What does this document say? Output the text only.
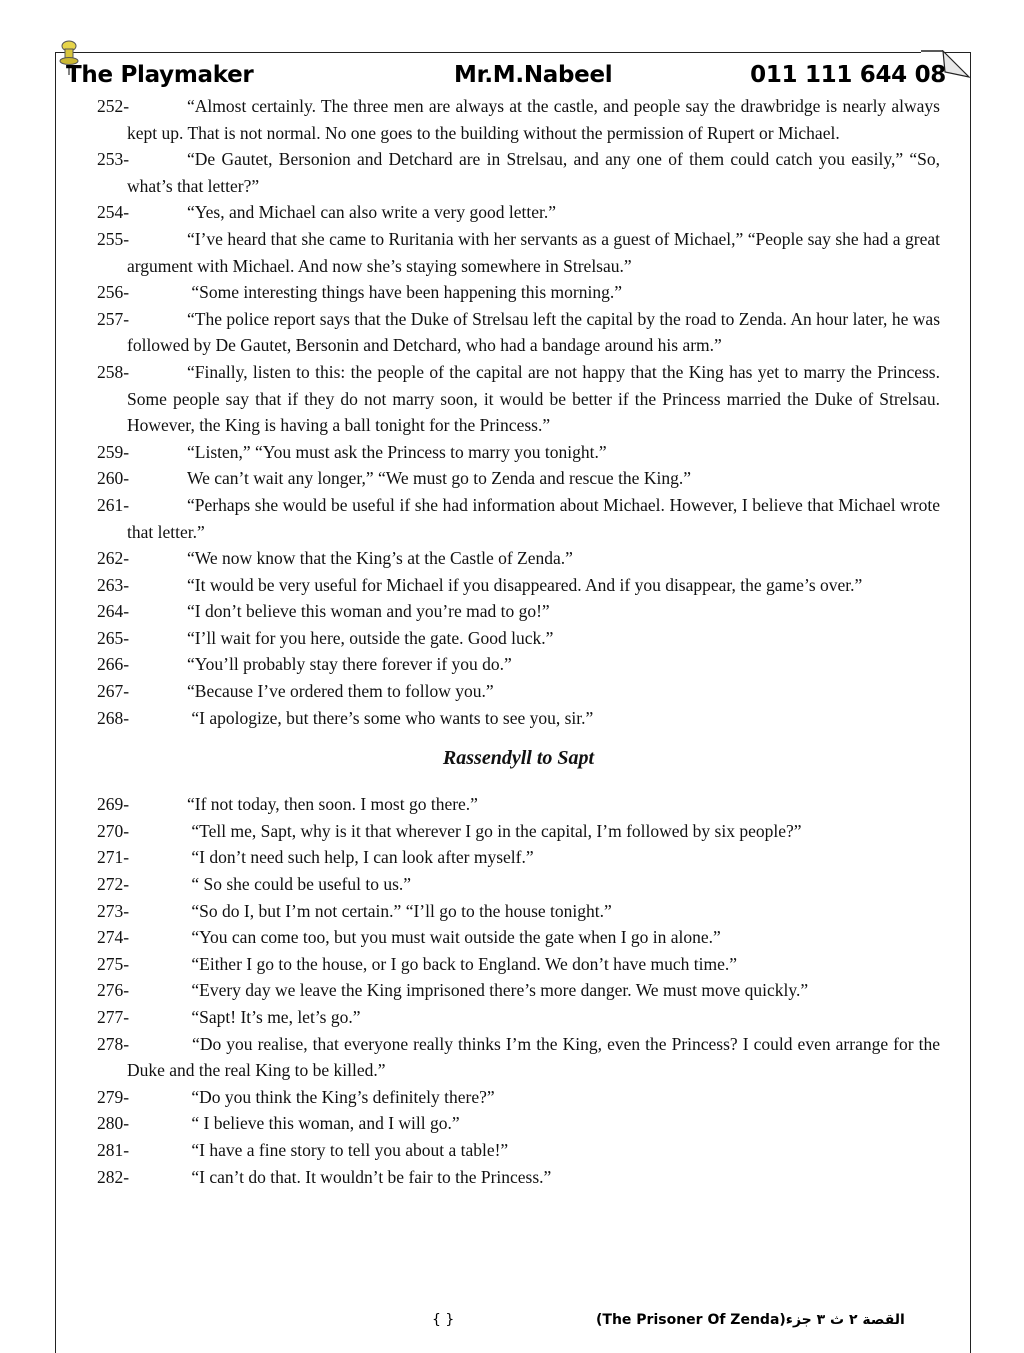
The Playmaker	Mr.M.Nabeel	011 111 644 08
252-	“Almost certainly. The three men are always at the castle, and people say the drawbridge is nearly always kept up. That is not normal. No one goes to the building without the permission of Rupert or Michael.
253-	“De Gautet, Bersonion and Detchard are in Strelsau, and any one of them could catch you easily,” “So, what’s that letter?”
254-	“Yes, and Michael can also write a very good letter.”
255-	“I’ve heard that she came to Ruritania with her servants as a guest of Michael,” “People say she had a great argument with Michael. And now she’s staying somewhere in Strelsau.”
256-	“Some interesting things have been happening this morning.”
257-	“The police report says that the Duke of Strelsau left the capital by the road to Zenda. An hour later, he was followed by De Gautet, Bersonin and Detchard, who had a bandage around his arm.”
258-	“Finally, listen to this: the people of the capital are not happy that the King has yet to marry the Princess. Some people say that if they do not marry soon, it would be better if the Princess married the Duke of Strelsau. However, the King is having a ball tonight for the Princess.”
259-	“Listen,” “You must ask the Princess to marry you tonight.”
260-	We can’t wait any longer,” “We must go to Zenda and rescue the King.”
261-	“Perhaps she would be useful if she had information about Michael. However, I believe that Michael wrote that letter.”
262-	“We now know that the King’s at the Castle of Zenda.”
263-	“It would be very useful for Michael if you disappeared. And if you disappear, the game’s over.”
264-	“I don’t believe this woman and you’re mad to go!”
265-	“I’ll wait for you here, outside the gate. Good luck.”
266-	“You’ll probably stay there forever if you do.”
267-	“Because I’ve ordered them to follow you.”
268-	“I apologize, but there’s some who wants to see you, sir.”
Rassendyll to Sapt
269-	“If not today, then soon. I most go there.”
270-	“Tell me, Sapt, why is it that wherever I go in the capital, I’m followed by six people?”
271-	“I don’t need such help, I can look after myself.”
272-	“ So she could be useful to us.”
273-	“So do I, but I’m not certain.” “I’ll go to the house tonight.”
274-	“You can come too, but you must wait outside the gate when I go in alone.”
275-	“Either I go to the house, or I go back to England. We don’t have much time.”
276-	“Every day we leave the King imprisoned there’s more danger. We must move quickly.”
277-	“Sapt! It’s me, let’s go.”
278-	“Do you realise, that everyone really thinks I’m the King, even the Princess? I could even arrange for the Duke and the real King to be killed.”
279-	“Do you think the King’s definitely there?”
280-	“ I believe this woman, and I will go.”
281-	“I have a fine story to tell you about a table!”
282-	“I can’t do that. It wouldn’t be fair to the Princess.”
{ }	(The Prisoner Of Zenda)القصة ٢ ث ٣ جزء
